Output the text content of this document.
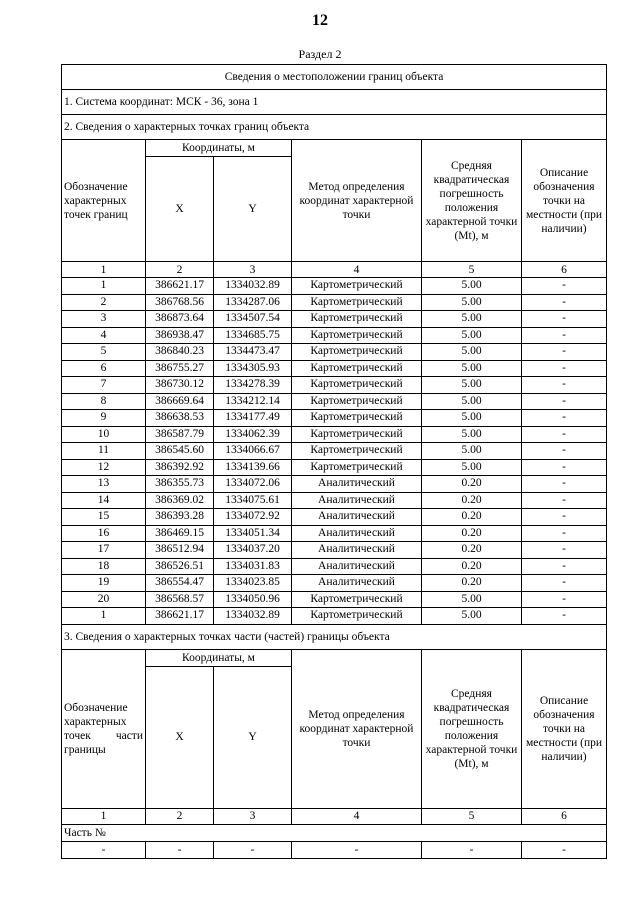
12
Раздел 2
Сведения о местоположении границ объекта					
1. Система координат: МСК - 36, зона 1					
2. Сведения о характерных точках границ объекта					
Обозначение характерных точек границ	Координаты, м		Метод определения координат характерной точки	Средняя квадратическая погрешность положения характерной точки (Mt), м	Описание обозначения точки на местности (при наличии)
	X	Y			
1	2	3	4	5	6
1	386621.17	1334032.89	Картометрический	5.00	-
2	386768.56	1334287.06	Картометрический	5.00	-
3	386873.64	1334507.54	Картометрический	5.00	-
4	386938.47	1334685.75	Картометрический	5.00	-
5	386840.23	1334473.47	Картометрический	5.00	-
6	386755.27	1334305.93	Картометрический	5.00	-
7	386730.12	1334278.39	Картометрический	5.00	-
8	386669.64	1334212.14	Картометрический	5.00	-
9	386638.53	1334177.49	Картометрический	5.00	-
10	386587.79	1334062.39	Картометрический	5.00	-
11	386545.60	1334066.67	Картометрический	5.00	-
12	386392.92	1334139.66	Картометрический	5.00	-
13	386355.73	1334072.06	Аналитический	0.20	-
14	386369.02	1334075.61	Аналитический	0.20	-
15	386393.28	1334072.92	Аналитический	0.20	-
16	386469.15	1334051.34	Аналитический	0.20	-
17	386512.94	1334037.20	Аналитический	0.20	-
18	386526.51	1334031.83	Аналитический	0.20	-
19	386554.47	1334023.85	Аналитический	0.20	-
20	386568.57	1334050.96	Картометрический	5.00	-
1	386621.17	1334032.89	Картометрический	5.00	-
3. Сведения о характерных точках части (частей) границы объекта					
Обозначение характерных точек части границы	Координаты, м		Метод определения координат характерной точки	Средняя квадратическая погрешность положения характерной точки (Mt), м	Описание обозначения точки на местности (при наличии)
	X	Y			
1	2	3	4	5	6
Часть №					
-	-	-	-	-	-
